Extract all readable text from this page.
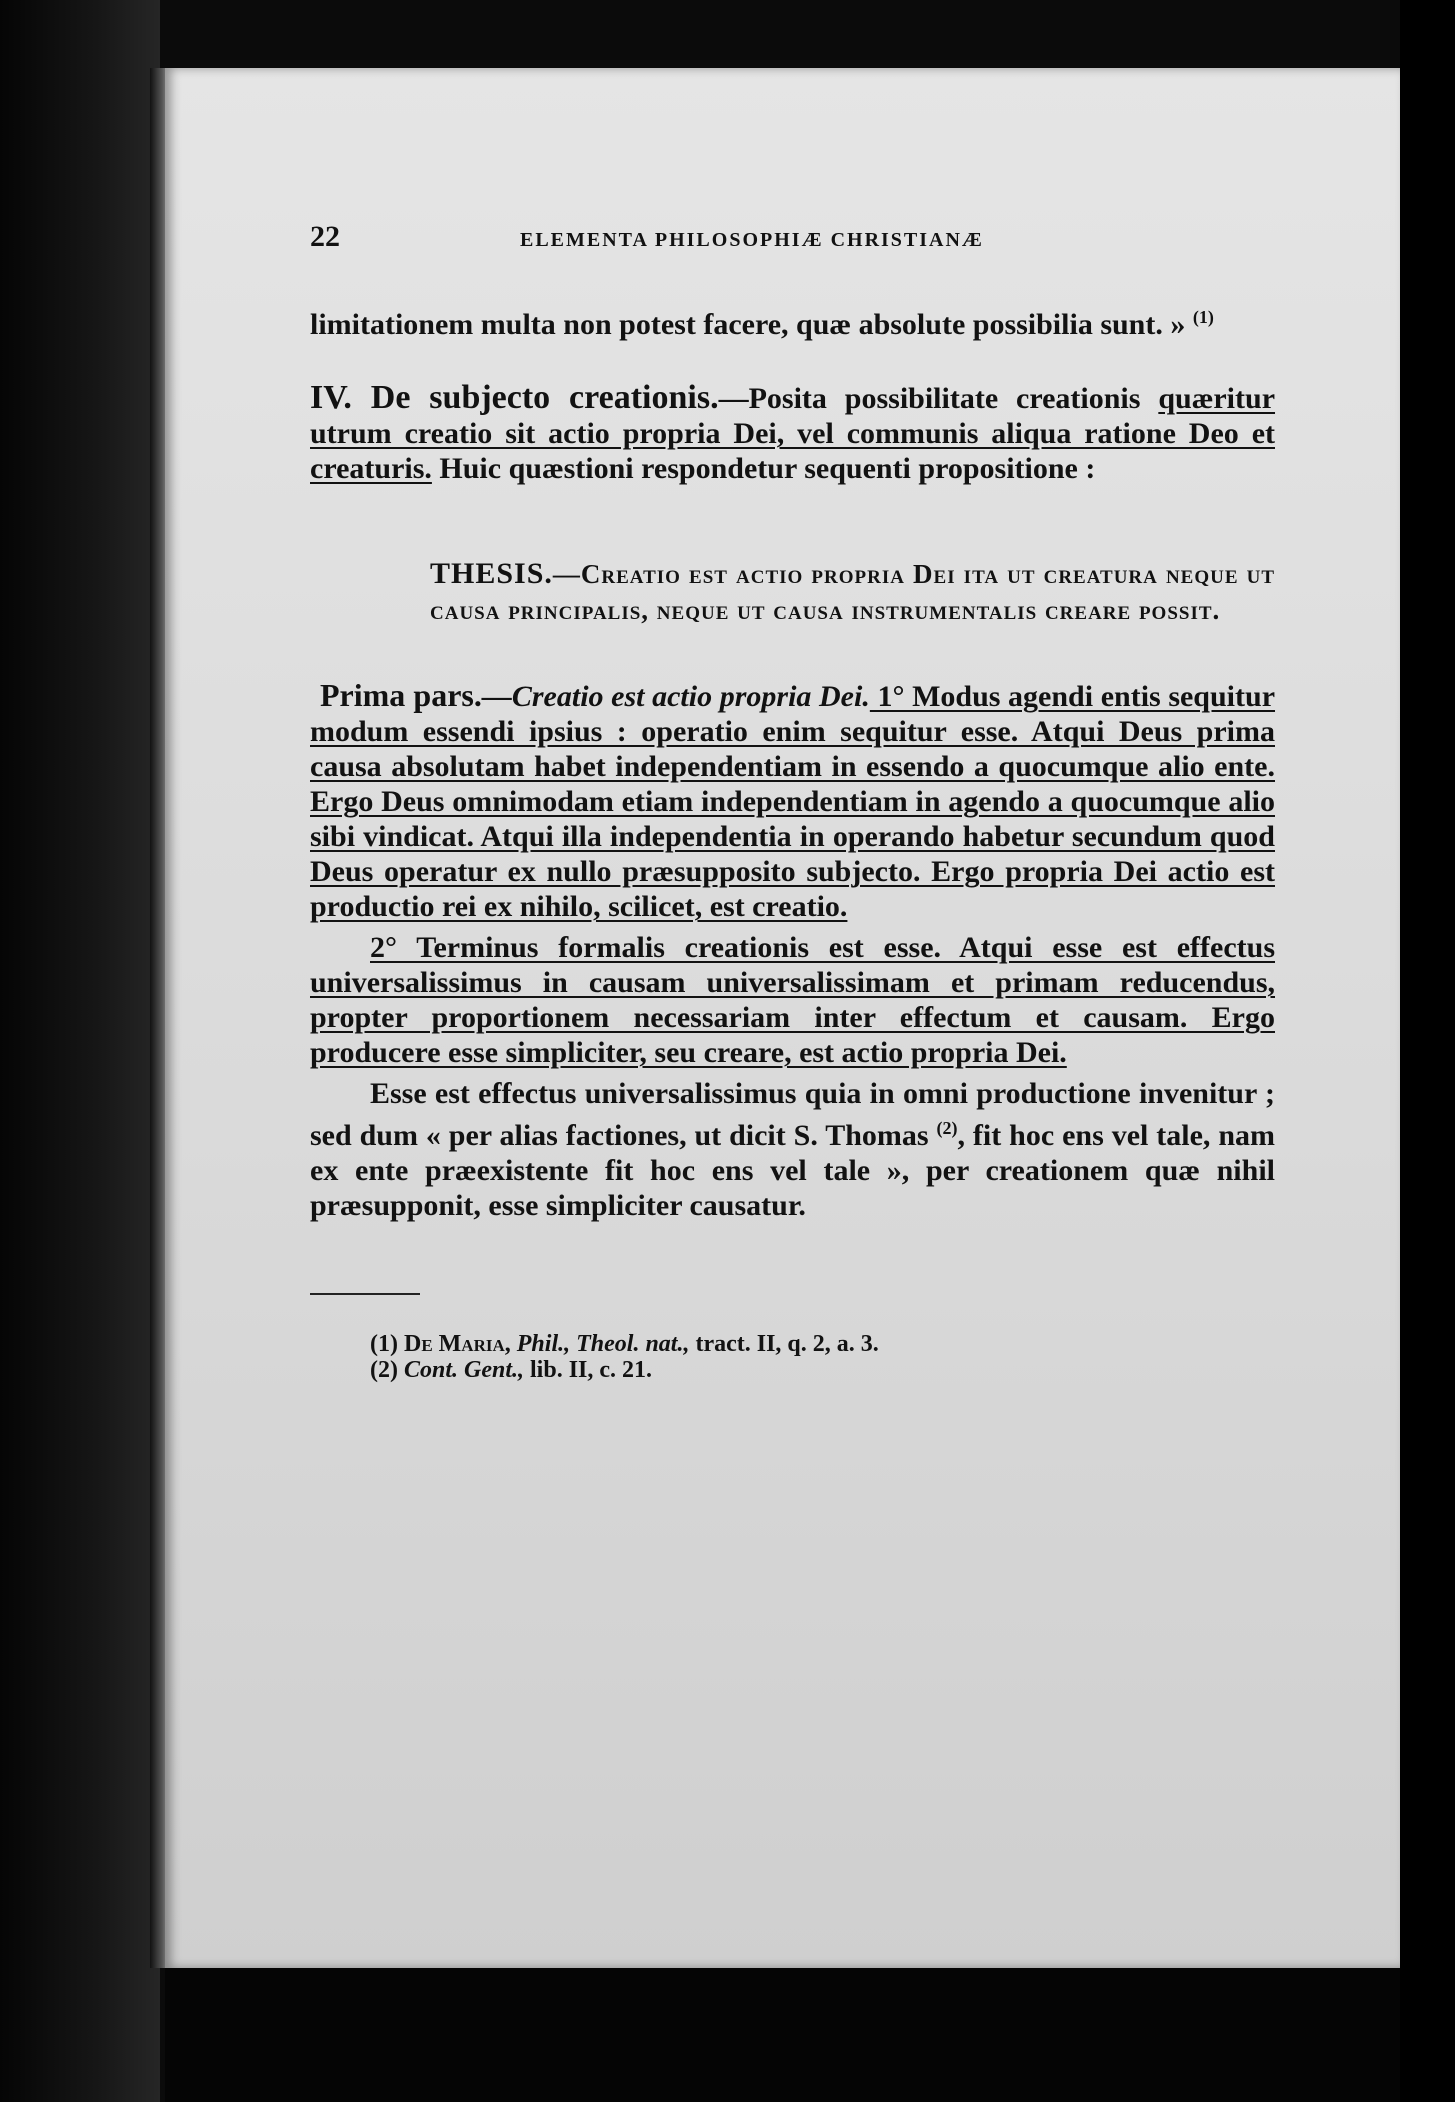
22	ELEMENTA PHILOSOPHIÆ CHRISTIANÆ

limitationem multa non potest facere, quæ absolute possibilia sunt. » $^{(1)}$

IV. De subjecto creationis.—Posita possibilitate creationis quæritur utrum creatio sit actio propria Dei, vel communis aliqua ratione Deo et creaturis. Huic quæstioni respondetur sequenti propositione :

THESIS.—Creatio est actio propria Dei ita ut creatura neque ut causa principalis, neque ut causa instrumentalis creare possit.

Prima pars.—Creatio est actio propria Dei. 1° Modus agendi entis sequitur modum essendi ipsius : operatio enim sequitur esse. Atqui Deus prima causa absolutam habet independentiam in essendo a quocumque alio ente. Ergo Deus omnimodam etiam independentiam in agendo a quocumque alio sibi vindicat. Atqui illa independentia in operando habetur secundum quod Deus operatur ex nullo præsupposito subjecto. Ergo propria Dei actio est productio rei ex nihilo, scilicet, est creatio.

2° Terminus formalis creationis est esse. Atqui esse est effectus universalissimus in causam universalissimam et primam reducendus, propter proportionem necessariam inter effectum et causam. Ergo producere esse simpliciter, seu creare, est actio propria Dei.

Esse est effectus universalissimus quia in omni productione invenitur ; sed dum « per alias factiones, ut dicit S. Thomas $^{(2)}$, fit hoc ens vel tale, nam ex ente præexistente fit hoc ens vel tale », per creationem quæ nihil præsupponit, esse simpliciter causatur.

(1) De Maria, Phil., Theol. nat., tract. II, q. 2, a. 3.
(2) Cont. Gent., lib. II, c. 21.
